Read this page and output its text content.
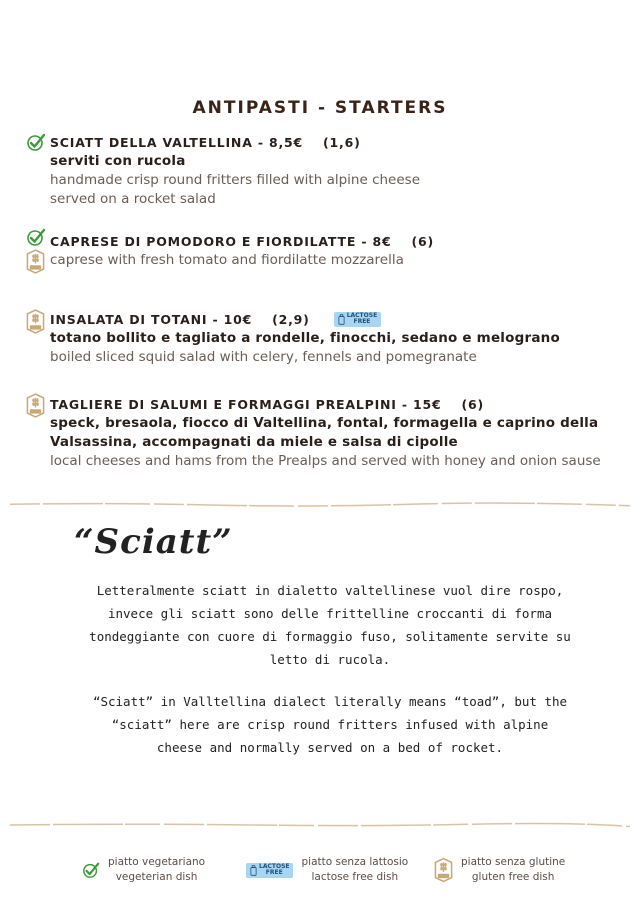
ANTIPASTI - STARTERS
SCIATT DELLA VALTELLINA - 8,5€ (1,6)
serviti con rucola
handmade crisp round fritters filled with alpine cheese
served on a rocket salad
CAPRESE DI POMODORO E FIORDILATTE - 8€ (6)
caprese with fresh tomato and fiordilatte mozzarella
INSALATA DI TOTANI - 10€ (2,9)	LACTOSE
FREE
totano bollito e tagliato a rondelle, finocchi, sedano e melograno
boiled sliced squid salad with celery, fennels and pomegranate
TAGLIERE DI SALUMI E FORMAGGI PREALPINI - 15€ (6)
speck, bresaola, fiocco di Valtellina, fontal, formagella e caprino della
Valsassina, accompagnati da miele e salsa di cipolle
local cheeses and hams from the Prealps and served with honey and onion sause
“Sciatt”
Letteralmente sciatt in dialetto valtellinese vuol dire rospo,
invece gli sciatt sono delle frittelline croccanti di forma
tondeggiante con cuore di formaggio fuso, solitamente servite su
letto di rucola.
“Sciatt” in Valltellina dialect literally means “toad”, but the
“sciatt” here are crisp round fritters infused with alpine
cheese and normally served on a bed of rocket.
piatto vegetariano
vegeterian dish
LACTOSE
FREE
piatto senza lattosio
lactose free dish
piatto senza glutine
gluten free dish
